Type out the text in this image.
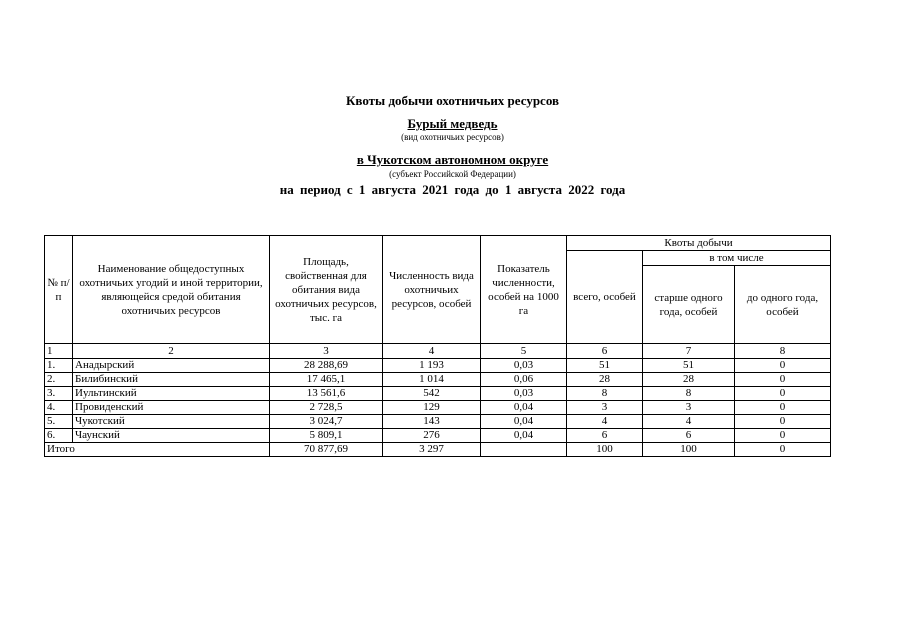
Квоты добычи охотничьих ресурсов
Бурый медведь
(вид охотничьих ресурсов)
в Чукотском автономном округе
(субъект Российской Федерации)
на период с 1 августа 2021 года до 1 августа 2022 года
№ п/п	Наименование общедоступных охотничьих угодий и иной территории, являющейся средой обитания охотничьих ресурсов	Площадь, свойственная для обитания вида охотничьих ресурсов, тыс. га	Численность вида охотничьих ресурсов, особей	Показатель численности, особей на 1000 га	Квоты добычи		
					всего, особей	в том числе	
						старше одного года, особей	до одного года, особей
1	2	3	4	5	6	7	8
1.	Анадырский	28 288,69	1 193	0,03	51	51	0
2.	Билибинский	17 465,1	1 014	0,06	28	28	0
3.	Иультинский	13 561,6	542	0,03	8	8	0
4.	Провиденский	2 728,5	129	0,04	3	3	0
5.	Чукотский	3 024,7	143	0,04	4	4	0
6.	Чаунский	5 809,1	276	0,04	6	6	0
Итого		70 877,69	3 297		100	100	0
